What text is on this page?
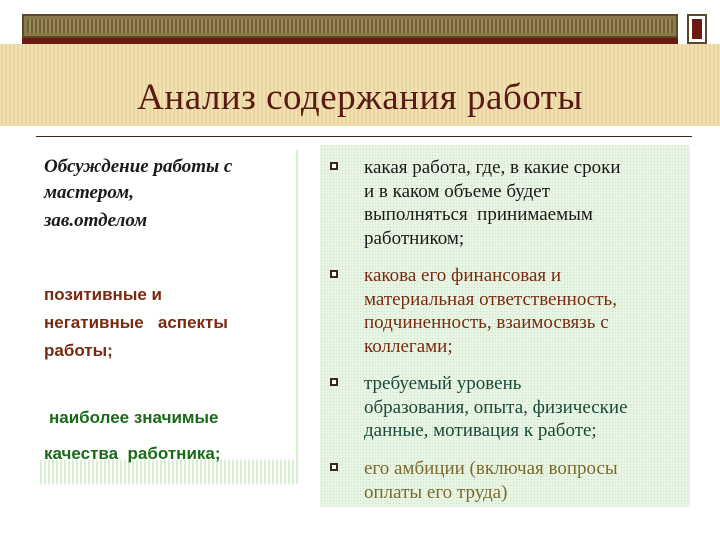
Анализ содержания работы
Обсуждение работы с
мастером,
зав.отделом
позитивные и
негативные   аспекты
работы;
наиболее значимые
качества  работника;
какая работа, где, в какие сроки
и в каком объеме будет
выполняться  принимаемым
работником;
какова его финансовая и
материальная ответственность,
подчиненность, взаимосвязь с
коллегами;
требуемый уровень
образования, опыта, физические
данные, мотивация к работе;
его амбиции (включая вопросы
оплаты его труда)
